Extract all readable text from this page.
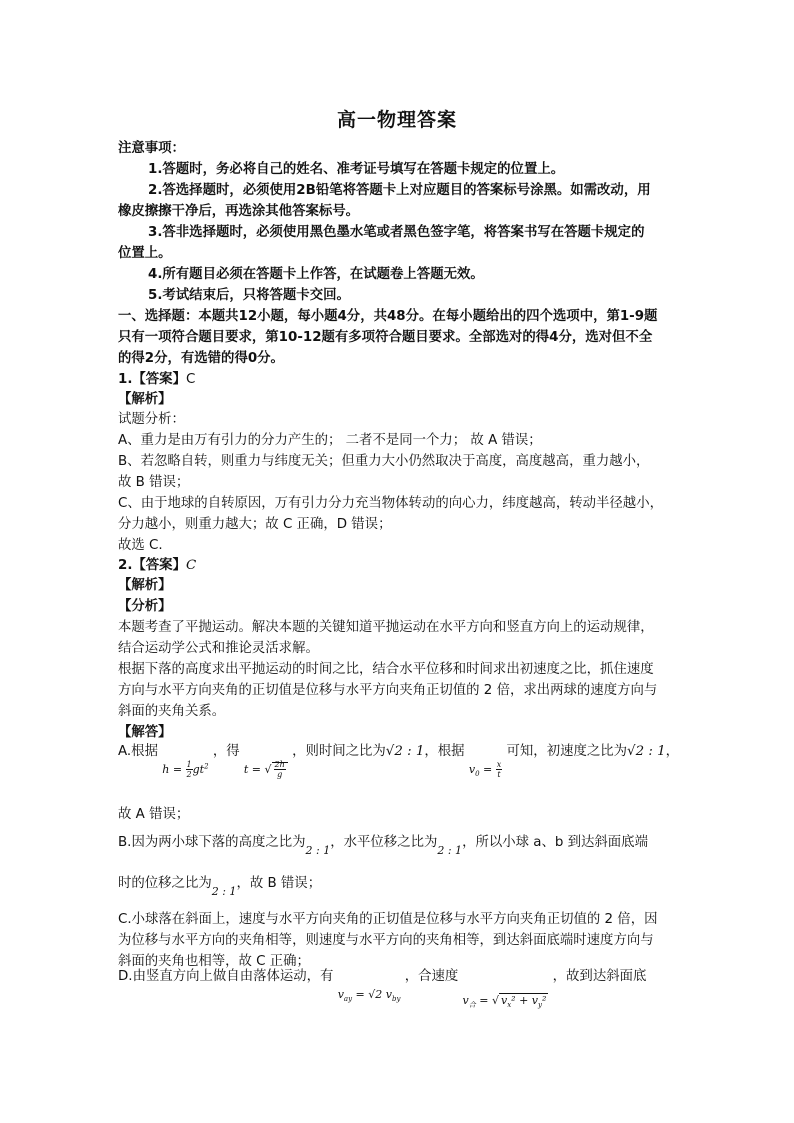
高一物理答案
注意事项：
1.答题时，务必将自己的姓名、准考证号填写在答题卡规定的位置上。
2.答选择题时，必须使用2B铅笔将答题卡上对应题目的答案标号涂黑。如需改动，用
橡皮擦擦干净后，再选涂其他答案标号。
3.答非选择题时，必须使用黑色墨水笔或者黑色签字笔，将答案书写在答题卡规定的
位置上。
4.所有题目必须在答题卡上作答，在试题卷上答题无效。
5.考试结束后，只将答题卡交回。
一、选择题：本题共12小题，每小题4分，共48分。在每小题给出的四个选项中，第1-9题
只有一项符合题目要求，第10-12题有多项符合题目要求。全部选对的得4分，选对但不全
的得2分，有选错的得0分。
1.【答案】C
【解析】
试题分析：
A、重力是由万有引力的分力产生的； 二者不是同一个力； 故 A 错误；
B、若忽略自转，则重力与纬度无关；但重力大小仍然取决于高度，高度越高，重力越小，
故 B 错误；
C、由于地球的自转原因，万有引力分力充当物体转动的向心力，纬度越高，转动半径越小，
分力越小，则重力越大；故 C 正确，D 错误；
故选 C.
2.【答案】C
【解析】
【分析】
本题考查了平抛运动。解决本题的关键知道平抛运动在水平方向和竖直方向上的运动规律，
结合运动学公式和推论灵活求解。
根据下落的高度求出平抛运动的时间之比，结合水平位移和时间求出初速度之比，抓住速度
方向与水平方向夹角的正切值是位移与水平方向夹角正切值的 2 倍，求出两球的速度方向与
斜面的夹角关系。
【解答】
A.根据 $_{h = \frac{1}{2} gt^2}$ ，得 $_{t = √ \frac{2h}{g}}$
，则时间之比为√2 : 1，根据 $_{v_0 = \frac{x}{t}}$
可知，初速度之比为√2 : 1，
故 A 错误；
B.因为两小球下落的高度之比为$_{2 : 1}$，水平位移之比为$_{2 : 1}$，所以小球 a、b 到达斜面底端
时的位移之比为$_{2 : 1}$，故 B 错误；
C.小球落在斜面上，速度与水平方向夹角的正切值是位移与水平方向夹角正切值的 2 倍，因
为位移与水平方向的夹角相等，则速度与水平方向的夹角相等，到达斜面底端时速度方向与
斜面的夹角也相等，故 C 正确；
D.由竖直方向上做自由落体运动，有 $_{v_{ay} = √2 v_{by}}$ ，合速度 $_{v_合 = √ v_x^2 + v_y^2}$ ，故到达斜面底
